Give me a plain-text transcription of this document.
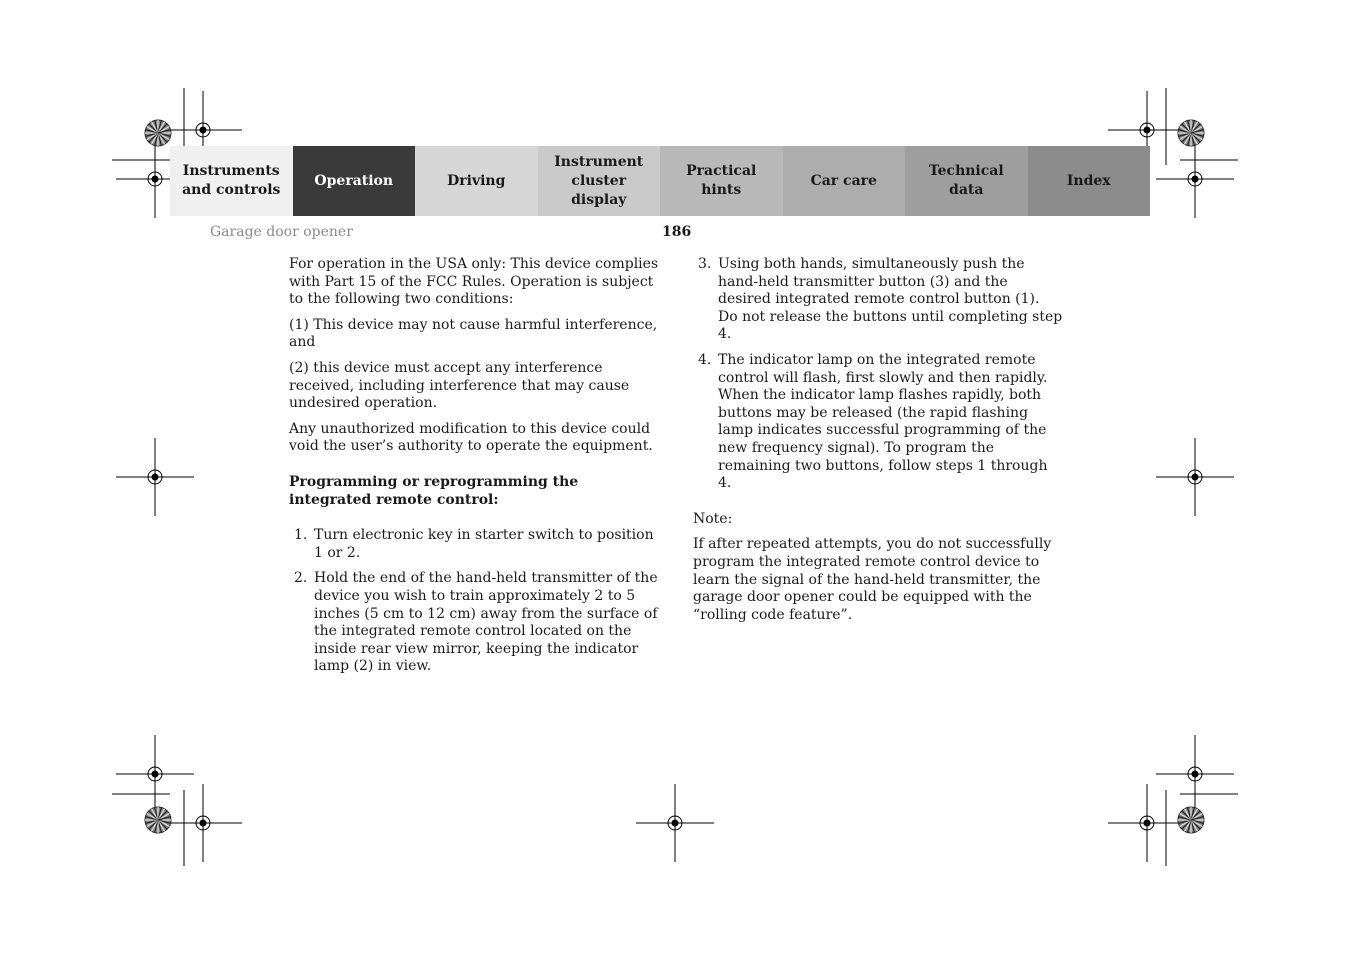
Instruments
and controls
Operation	Driving
Instrument
cluster display
Practical hints
Car care
Technical
data
Index
Garage door opener	186

For operation in the USA only: This device complies with Part 15 of the FCC Rules. Operation is subject to the following two conditions:

(1) This device may not cause harmful interference, and

(2) this device must accept any interference received, including interference that may cause undesired operation.

Any unauthorized modification to this device could void the user’s authority to operate the equipment.

Programming or reprogramming the integrated remote control:

1. Turn electronic key in starter switch to position 1 or 2.
2. Hold the end of the hand-held transmitter of the device you wish to train approximately 2 to 5 inches (5 cm to 12 cm) away from the surface of the integrated remote control located on the inside rear view mirror, keeping the indicator lamp (2) in view.
3. Using both hands, simultaneously push the hand-held transmitter button (3) and the desired integrated remote control button (1). Do not release the buttons until completing step 4.
4. The indicator lamp on the integrated remote control will flash, first slowly and then rapidly. When the indicator lamp flashes rapidly, both buttons may be released (the rapid flashing lamp indicates successful programming of the new frequency signal). To program the remaining two buttons, follow steps 1 through 4.

Note:

If after repeated attempts, you do not successfully program the integrated remote control device to learn the signal of the hand-held transmitter, the garage door opener could be equipped with the “rolling code feature”.
